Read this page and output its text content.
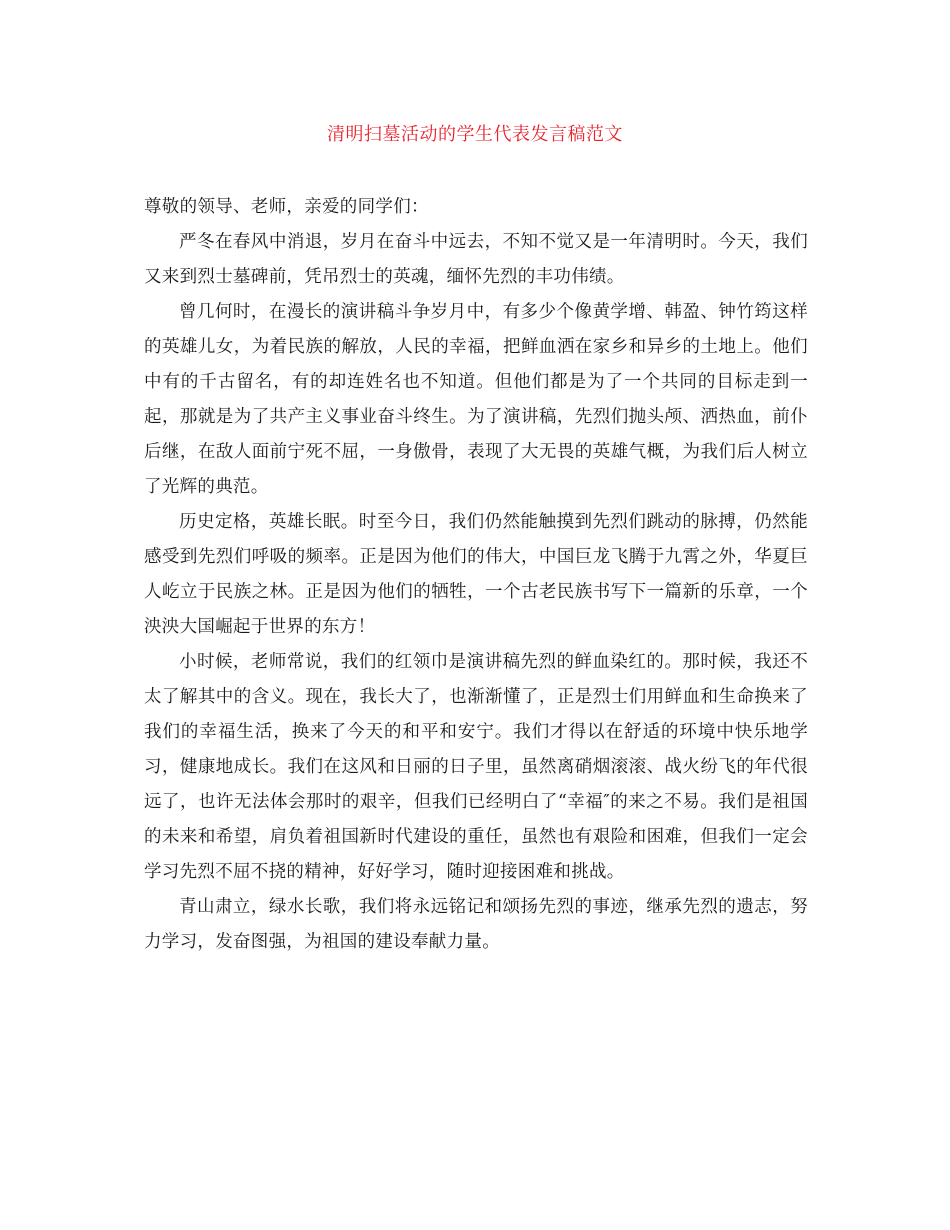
清明扫墓活动的学生代表发言稿范文

尊敬的领导、老师，亲爱的同学们：

严冬在春风中消退，岁月在奋斗中远去，不知不觉又是一年清明时。今天，我们又来到烈士墓碑前，凭吊烈士的英魂，缅怀先烈的丰功伟绩。

曾几何时，在漫长的演讲稿斗争岁月中，有多少个像黄学增、韩盈、钟竹筠这样的英雄儿女，为着民族的解放，人民的幸福，把鲜血洒在家乡和异乡的土地上。他们中有的千古留名，有的却连姓名也不知道。但他们都是为了一个共同的目标走到一起，那就是为了共产主义事业奋斗终生。为了演讲稿，先烈们抛头颅、洒热血，前仆后继，在敌人面前宁死不屈，一身傲骨，表现了大无畏的英雄气概，为我们后人树立了光辉的典范。

历史定格，英雄长眠。时至今日，我们仍然能触摸到先烈们跳动的脉搏，仍然能感受到先烈们呼吸的频率。正是因为他们的伟大，中国巨龙飞腾于九霄之外，华夏巨人屹立于民族之林。正是因为他们的牺牲，一个古老民族书写下一篇新的乐章，一个泱泱大国崛起于世界的东方！

小时候，老师常说，我们的红领巾是演讲稿先烈的鲜血染红的。那时候，我还不太了解其中的含义。现在，我长大了，也渐渐懂了，正是烈士们用鲜血和生命换来了我们的幸福生活，换来了今天的和平和安宁。我们才得以在舒适的环境中快乐地学习，健康地成长。我们在这风和日丽的日子里，虽然离硝烟滚滚、战火纷飞的年代很远了，也许无法体会那时的艰辛，但我们已经明白了“幸福″的来之不易。我们是祖国的未来和希望，肩负着祖国新时代建设的重任，虽然也有艰险和困难，但我们一定会学习先烈不屈不挠的精神，好好学习，随时迎接困难和挑战。

青山肃立，绿水长歌，我们将永远铭记和颂扬先烈的事迹，继承先烈的遗志，努力学习，发奋图强，为祖国的建设奉献力量。
